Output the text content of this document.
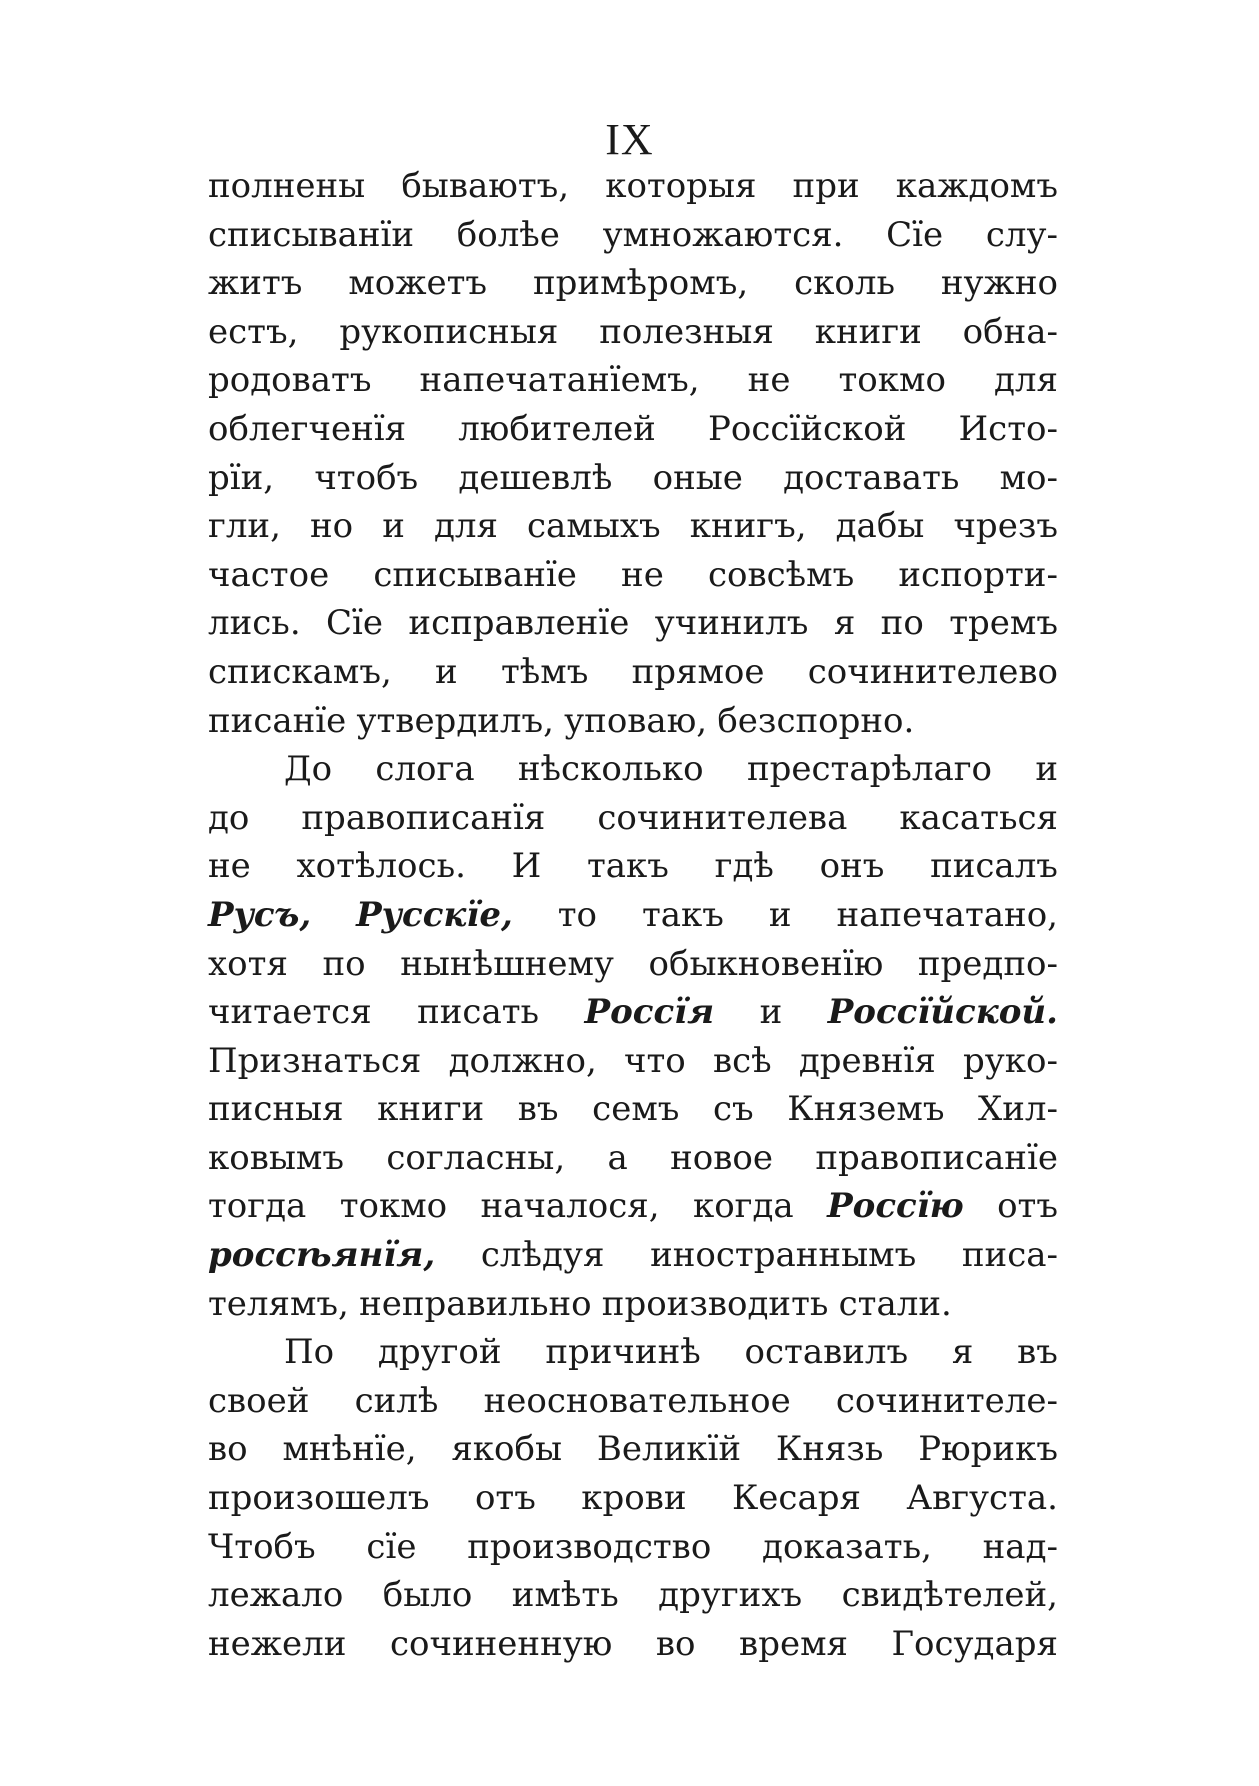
IX
полнены бываютъ, которыя при каждомъ
списыванїи болѣе умножаются. Сїе слу-
житъ можетъ примѣромъ, сколь нужно
естъ, рукописныя полезныя книги обна-
родоватъ напечатанїемъ, не токмо для
облегченїя любителей Россїйской Исто-
рїи, чтобъ дешевлѣ оные доставать мо-
гли, но и для самыхъ книгъ, дабы чрезъ
частое списыванїе не совсѣмъ испорти-
лись. Сїе исправленїе учинилъ я по тремъ
спискамъ, и тѣмъ прямое сочинителево
писанїе утвердилъ, уповаю, безспорно.
До слога нѣсколько престарѣлаго и
до правописанїя сочинителева касаться
не хотѣлось. И такъ гдѣ онъ писалъ
Русъ, Русскїе, то такъ и напечатано,
хотя по нынѣшнему обыкновенїю предпо-
читается писать Россїя и Россїйской.
Признаться должно, что всѣ древнїя руко-
писныя книги въ семъ съ Княземъ Хил-
ковымъ согласны, а новое правописанїе
тогда токмо началося, когда Россїю отъ
россѣянїя, слѣдуя иностраннымъ писа-
телямъ, неправильно производить стали.
По другой причинѣ оставилъ я въ
своей силѣ неосновательное сочинителе-
во мнѣнїе, якобы Великїй Князь Рюрикъ
произошелъ отъ крови Кесаря Августа.
Чтобъ сїе производство доказать, над-
лежало было имѣть другихъ свидѣтелей,
нежели сочиненную во время Государя
